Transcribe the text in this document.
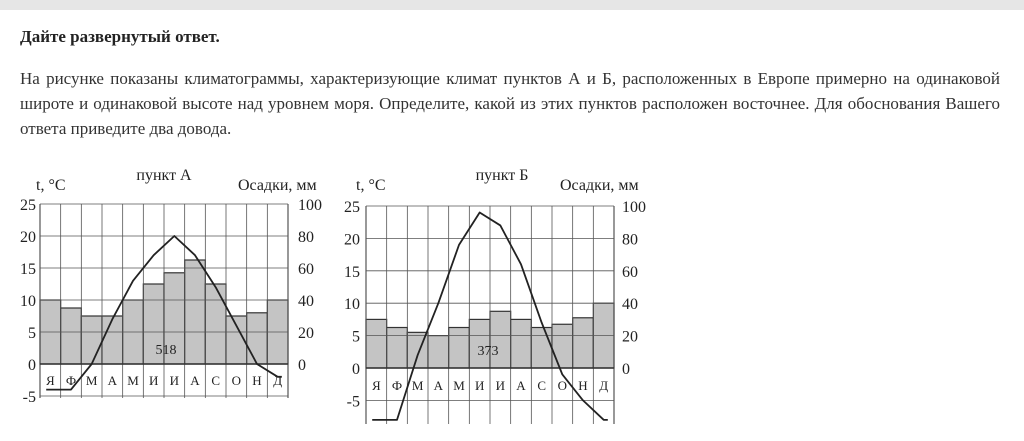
Дайте развернутый ответ.
На рисунке показаны климатограммы, характеризующие климат пунктов А и Б, расположенных в Европе примерно на одинаковой широте и одинаковой высоте над уровнем моря. Определите, какой из этих пунктов расположен восточнее. Для обоснования Вашего ответа приведите два довода.
25
20
15
10
5
0
-5
100
80
60
40
20
0
Я Ф М А М И И А С О Н Д
пункт А
t, °C	Осадки, мм
518
25
20
15
10
5
0
-5
100
80
60
40
20
0
Я Ф М А М И И А С О Н Д
пункт Б
t, °C	Осадки, мм
373
